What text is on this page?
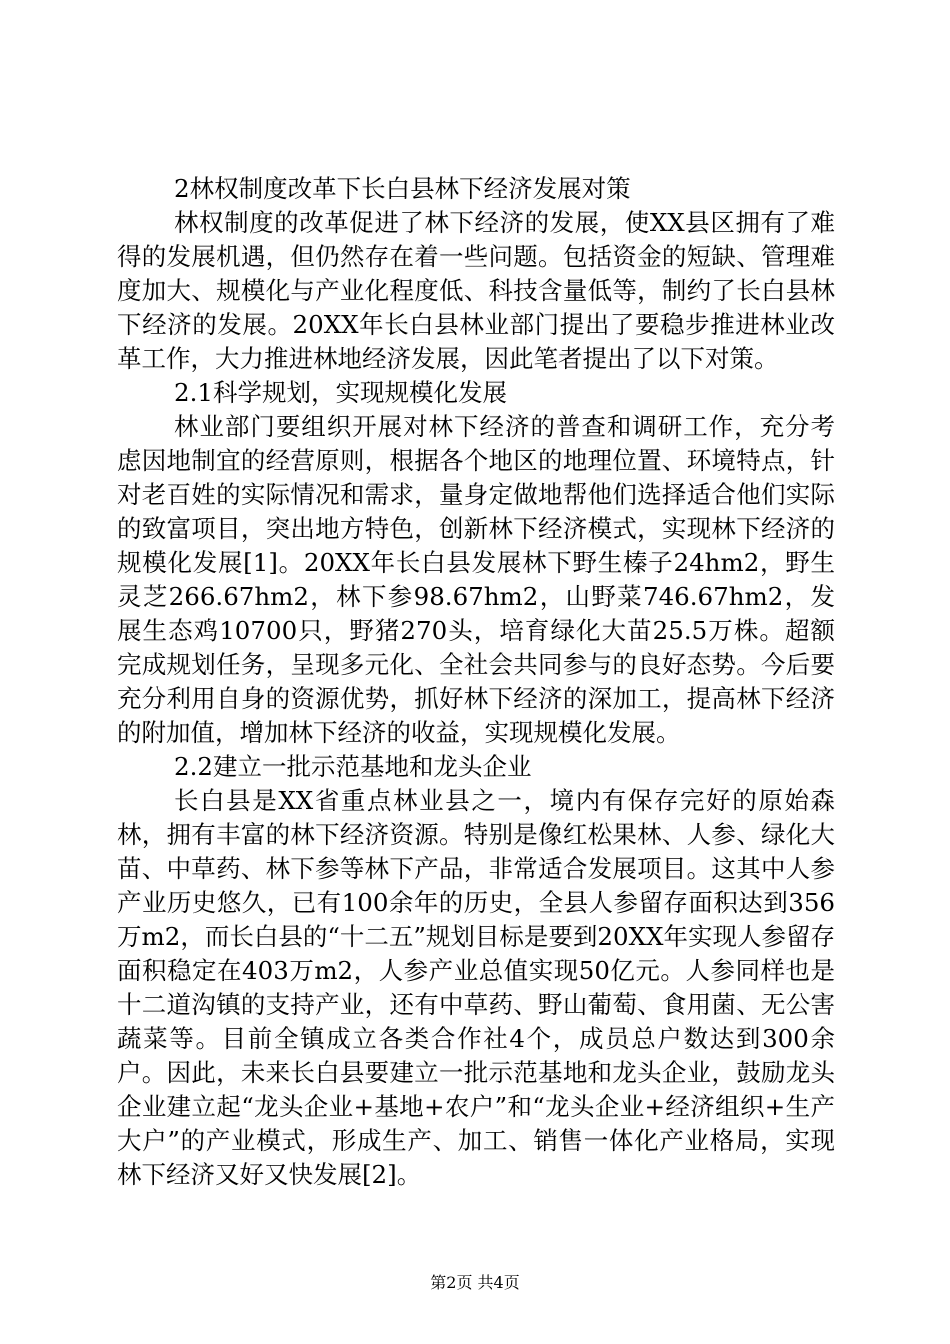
2林权制度改革下长白县林下经济发展对策

林权制度的改革促进了林下经济的发展，使XX县区拥有了难得的发展机遇，但仍然存在着一些问题。包括资金的短缺、管理难度加大、规模化与产业化程度低、科技含量低等，制约了长白县林下经济的发展。20XX年长白县林业部门提出了要稳步推进林业改革工作，大力推进林地经济发展，因此笔者提出了以下对策。

2.1科学规划，实现规模化发展

林业部门要组织开展对林下经济的普查和调研工作，充分考虑因地制宜的经营原则，根据各个地区的地理位置、环境特点，针对老百姓的实际情况和需求，量身定做地帮他们选择适合他们实际的致富项目，突出地方特色，创新林下经济模式，实现林下经济的规模化发展[1]。20XX年长白县发展林下野生榛子24hm2，野生灵芝266.67hm2，林下参98.67hm2，山野菜746.67hm2，发展生态鸡10700只，野猪270头，培育绿化大苗25.5万株。超额完成规划任务，呈现多元化、全社会共同参与的良好态势。今后要充分利用自身的资源优势，抓好林下经济的深加工，提高林下经济的附加值，增加林下经济的收益，实现规模化发展。

2.2建立一批示范基地和龙头企业

长白县是XX省重点林业县之一，境内有保存完好的原始森林，拥有丰富的林下经济资源。特别是像红松果林、人参、绿化大苗、中草药、林下参等林下产品，非常适合发展项目。这其中人参产业历史悠久，已有100余年的历史，全县人参留存面积达到356万m2，而长白县的“十二五”规划目标是要到20XX年实现人参留存面积稳定在403万m2，人参产业总值实现50亿元。人参同样也是十二道沟镇的支持产业，还有中草药、野山葡萄、食用菌、无公害蔬菜等。目前全镇成立各类合作社4个，成员总户数达到300余户。因此，未来长白县要建立一批示范基地和龙头企业，鼓励龙头企业建立起“龙头企业+基地+农户”和“龙头企业+经济组织+生产大户”的产业模式，形成生产、加工、销售一体化产业格局，实现林下经济又好又快发展[2]。

第2页 共4页
